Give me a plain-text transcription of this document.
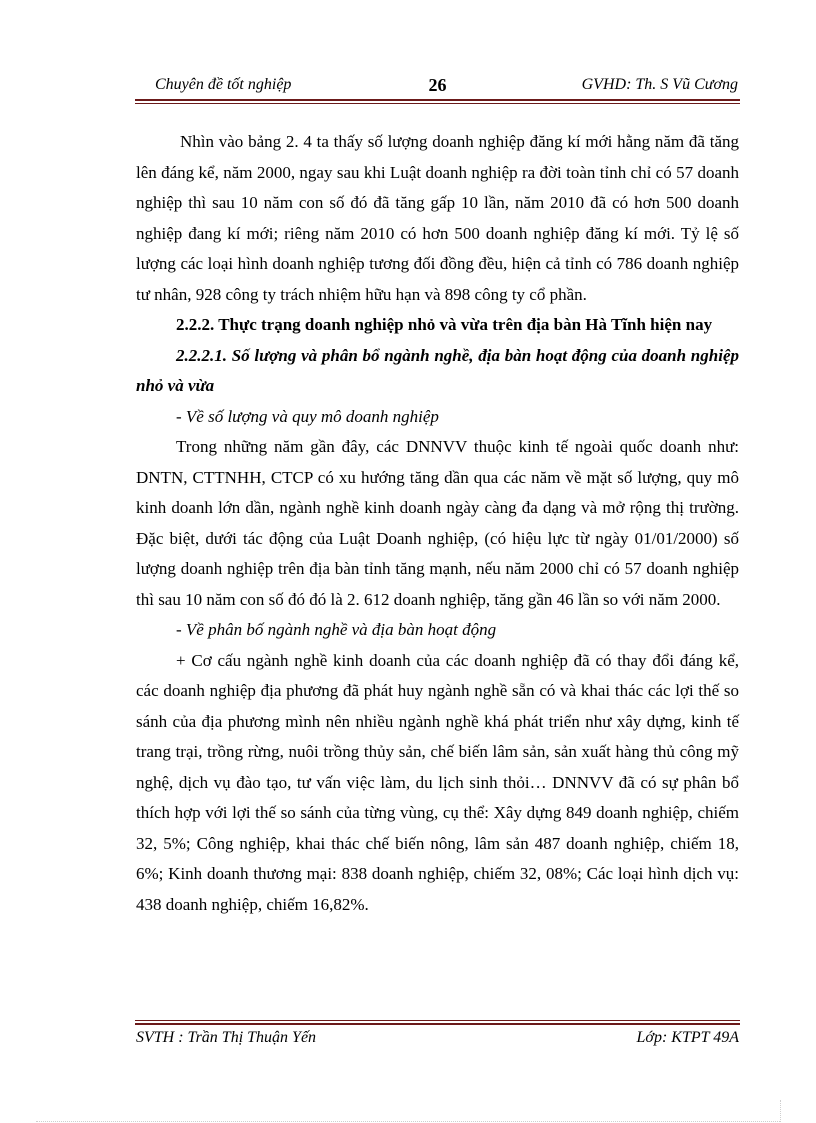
Chuyên đề tốt nghiệp	26	GVHD: Th. S Vũ Cương

Nhìn vào bảng 2. 4 ta thấy số lượng doanh nghiệp đăng kí mới hằng năm đã tăng lên đáng kể, năm 2000, ngay sau khi Luật doanh nghiệp ra đời toàn tỉnh chỉ có 57 doanh nghiệp thì sau 10 năm con số đó đã tăng gấp 10 lần, năm 2010 đã có hơn 500 doanh nghiệp đang kí mới; riêng năm 2010 có hơn 500 doanh nghiệp đăng kí mới. Tỷ lệ số lượng các loại hình doanh nghiệp tương đối đồng đều, hiện cả tỉnh có 786 doanh nghiệp tư nhân, 928 công ty trách nhiệm hữu hạn và 898 công ty cổ phần.

2.2.2. Thực trạng doanh nghiệp nhỏ và vừa trên địa bàn Hà Tĩnh hiện nay

2.2.2.1. Số lượng và phân bổ ngành nghề, địa bàn hoạt động của doanh nghiệp nhỏ và vừa

- Về số lượng và quy mô doanh nghiệp

Trong những năm gần đây, các DNNVV thuộc kinh tế ngoài quốc doanh như: DNTN, CTTNHH, CTCP có xu hướng tăng dần qua các năm về mặt số lượng, quy mô kinh doanh lớn dần, ngành nghề kinh doanh ngày càng đa dạng và mở rộng thị trường. Đặc biệt, dưới tác động của Luật Doanh nghiệp, (có hiệu lực từ ngày 01/01/2000) số lượng doanh nghiệp trên địa bàn tỉnh tăng mạnh, nếu năm 2000 chỉ có 57 doanh nghiệp thì sau 10 năm con số đó đó là 2. 612 doanh nghiệp, tăng gần 46 lần so với năm 2000.

- Về phân bố ngành nghề và địa bàn hoạt động

+ Cơ cấu ngành nghề kinh doanh của các doanh nghiệp đã có thay đổi đáng kể, các doanh nghiệp địa phương đã phát huy ngành nghề sẵn có và khai thác các lợi thế so sánh của địa phương mình nên nhiều ngành nghề khá phát triển như xây dựng, kinh tế trang trại, trồng rừng, nuôi trồng thủy sản, chế biến lâm sản, sản xuất hàng thủ công mỹ nghệ, dịch vụ đào tạo, tư vấn việc làm, du lịch sinh thỏi… DNNVV đã có sự phân bổ thích hợp với lợi thế so sánh của từng vùng, cụ thể: Xây dựng 849 doanh nghiệp, chiếm 32, 5%; Công nghiệp, khai thác chế biến nông, lâm sản 487 doanh nghiệp, chiếm 18, 6%; Kinh doanh thương mại: 838 doanh nghiệp, chiếm 32, 08%; Các loại hình dịch vụ: 438 doanh nghiệp, chiếm 16,82%.

SVTH : Trần Thị Thuận Yến	Lớp: KTPT 49A
